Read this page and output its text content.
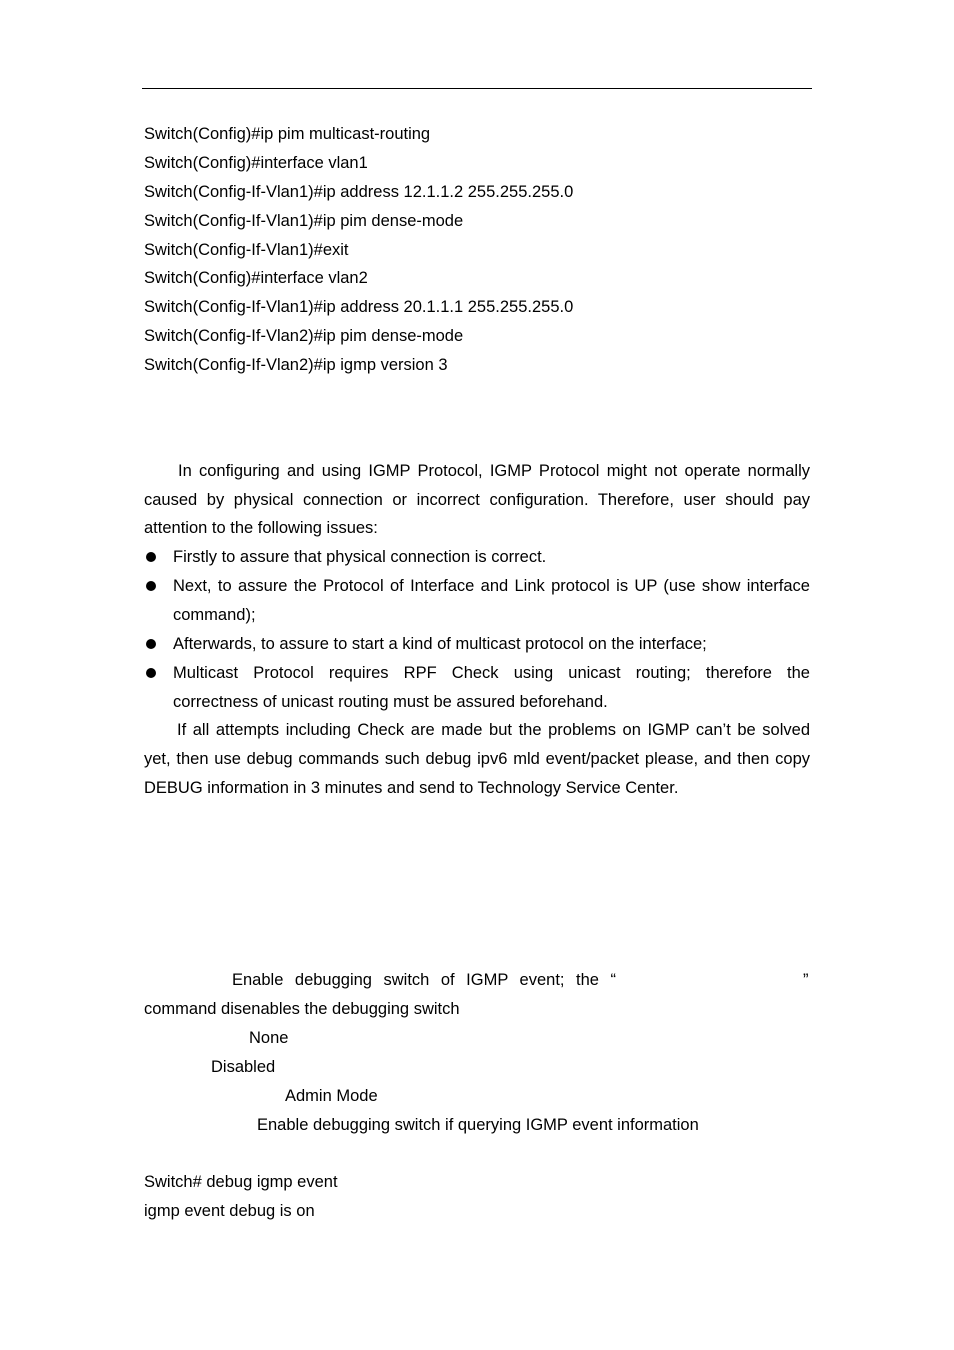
Switch(Config)#ip pim multicast-routing
Switch(Config)#interface vlan1
Switch(Config-If-Vlan1)#ip address 12.1.1.2 255.255.255.0
Switch(Config-If-Vlan1)#ip pim dense-mode
Switch(Config-If-Vlan1)#exit
Switch(Config)#interface vlan2
Switch(Config-If-Vlan1)#ip address 20.1.1.1 255.255.255.0
Switch(Config-If-Vlan2)#ip pim dense-mode
Switch(Config-If-Vlan2)#ip igmp version 3
In configuring and using IGMP Protocol, IGMP Protocol might not operate normally
caused by physical connection or incorrect configuration. Therefore, user should pay
attention to the following issues:
Firstly to assure that physical connection is correct.
Next, to assure the Protocol of Interface and Link protocol is UP (use show interface
command);
Afterwards, to assure to start a kind of multicast protocol on the interface;
Multicast Protocol requires RPF Check using unicast routing; therefore the
correctness of unicast routing must be assured beforehand.
If all attempts including Check are made but the problems on IGMP can’t be solved
yet, then use debug commands such debug ipv6 mld event/packet please, and then copy
DEBUG information in 3 minutes and send to Technology Service Center.
Enable debugging switch of IGMP event; the “	”
command disenables the debugging switch
None
Disabled
Admin Mode
Enable debugging switch if querying IGMP event information
Switch# debug igmp event
igmp event debug is on
